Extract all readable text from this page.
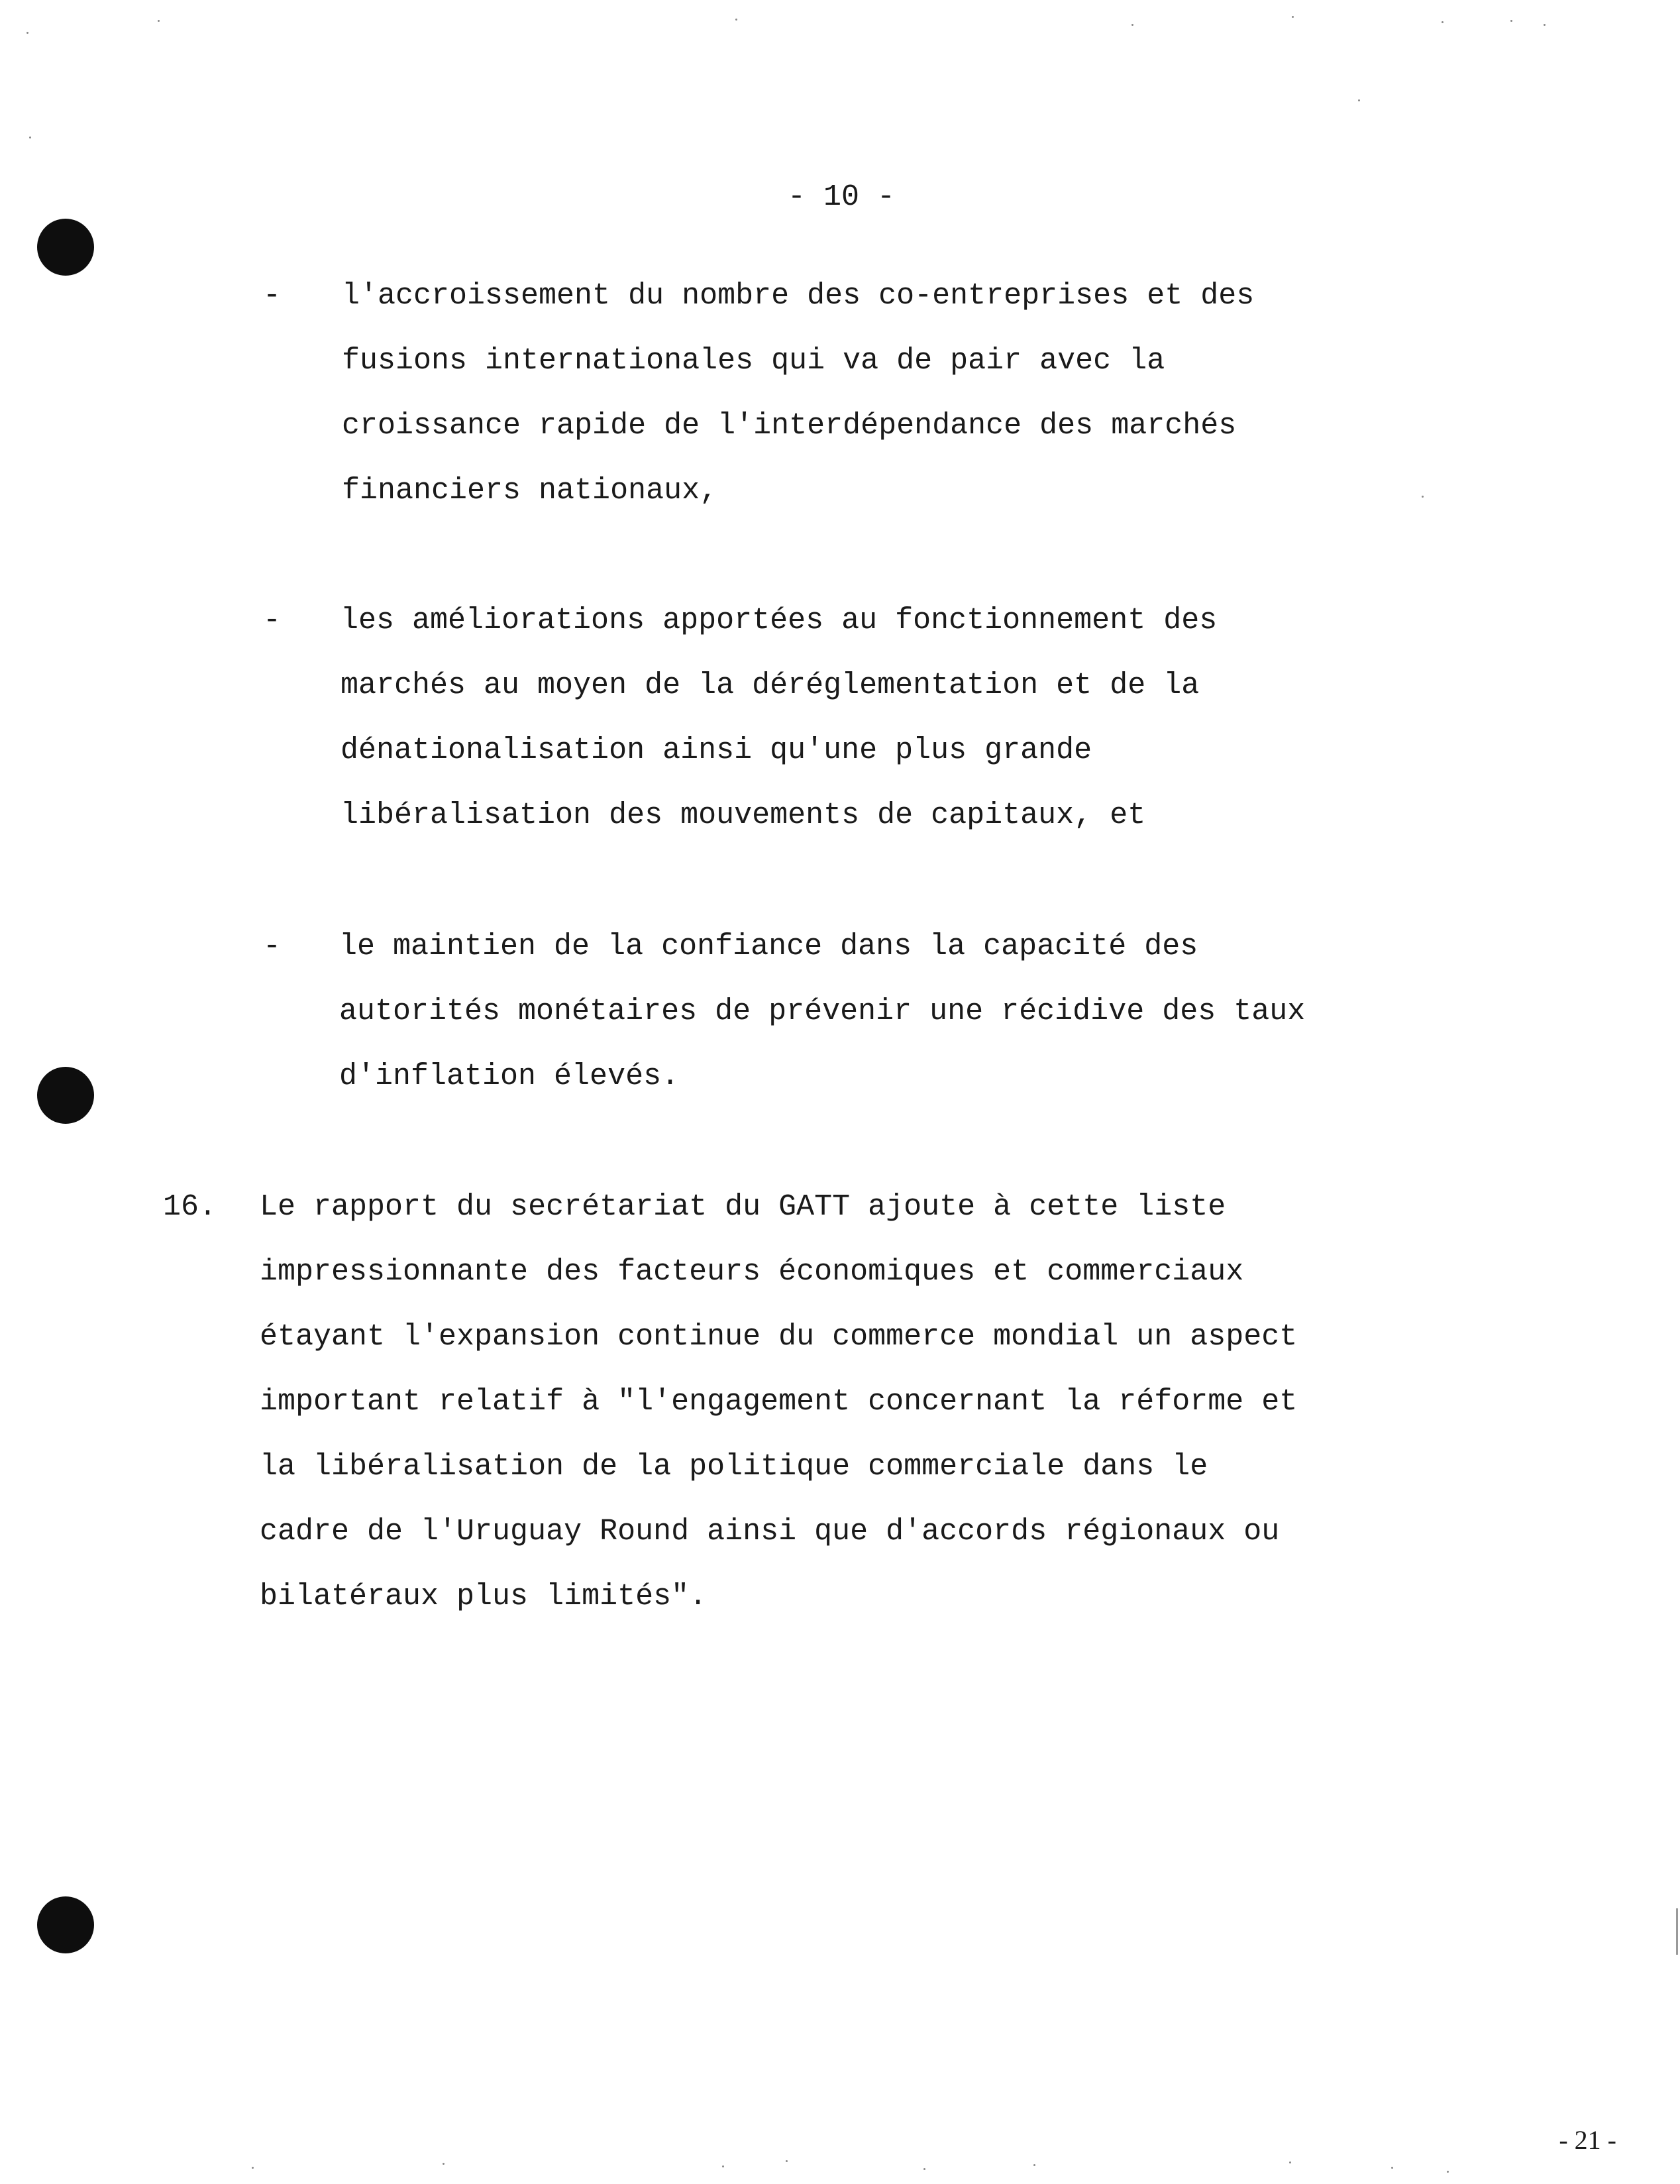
- 10 -
- l'accroissement du nombre des co-entreprises et des
fusions internationales qui va de pair avec la
croissance rapide de l'interdépendance des marchés
financiers nationaux,
- les améliorations apportées au fonctionnement des
marchés au moyen de la déréglementation et de la
dénationalisation ainsi qu'une plus grande
libéralisation des mouvements de capitaux, et
- le maintien de la confiance dans la capacité des
autorités monétaires de prévenir une récidive des taux
d'inflation élevés.
16. Le rapport du secrétariat du GATT ajoute à cette liste
impressionnante des facteurs économiques et commerciaux
étayant l'expansion continue du commerce mondial un aspect
important relatif à "l'engagement concernant la réforme et
la libéralisation de la politique commerciale dans le
cadre de l'Uruguay Round ainsi que d'accords régionaux ou
bilatéraux plus limités".
- 21 -
